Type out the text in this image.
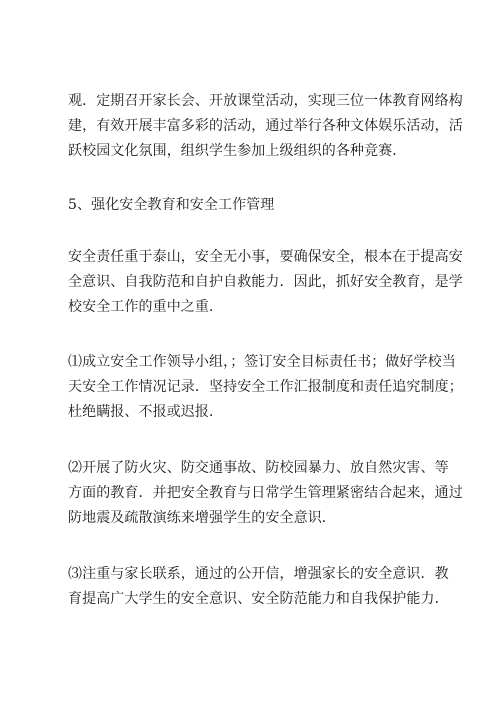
观．定期召开家长会、开放课堂活动，实现三位一体教育网络构
建，有效开展丰富多彩的活动，通过举行各种文体娱乐活动，活
跃校园文化氛围，组织学生参加上级组织的各种竞赛．
5、强化安全教育和安全工作管理
安全责任重于泰山，安全无小事，要确保安全，根本在于提高安
全意识、自我防范和自护自救能力．因此，抓好安全教育，是学
校安全工作的重中之重．
⑴成立安全工作领导小组，；签订安全目标责任书；做好学校当
天安全工作情况记录．坚持安全工作汇报制度和责任追究制度；
杜绝瞒报、不报或迟报．
⑵开展了防火灾、防交通事故、防校园暴力、放自然灾害、等
方面的教育．并把安全教育与日常学生管理紧密结合起来，通过
防地震及疏散演练来增强学生的安全意识．
⑶注重与家长联系，通过的公开信，增强家长的安全意识．教
育提高广大学生的安全意识、安全防范能力和自我保护能力．
